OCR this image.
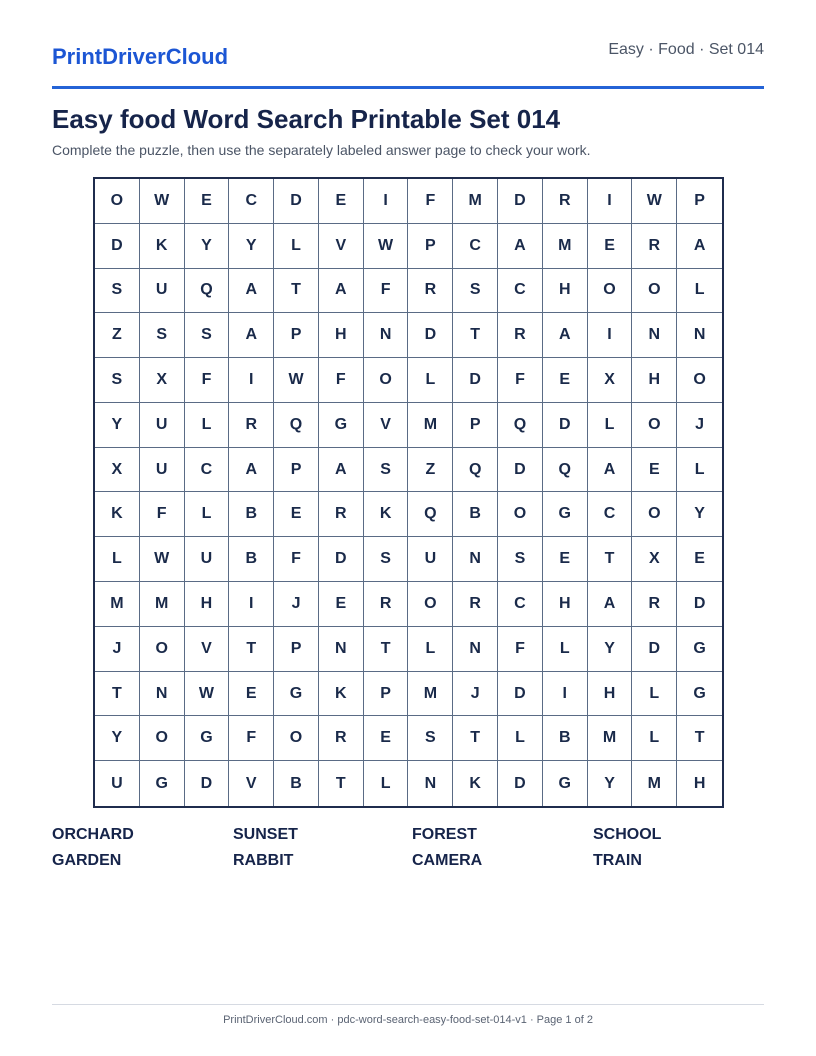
PrintDriverCloud	Easy · Food · Set 014
Easy food Word Search Printable Set 014
Complete the puzzle, then use the separately labeled answer page to check your work.
O	W	E	C	D	E	I	F	M	D	R	I	W	P
D	K	Y	Y	L	V	W	P	C	A	M	E	R	A
S	U	Q	A	T	A	F	R	S	C	H	O	O	L
Z	S	S	A	P	H	N	D	T	R	A	I	N	N
S	X	F	I	W	F	O	L	D	F	E	X	H	O
Y	U	L	R	Q	G	V	M	P	Q	D	L	O	J
X	U	C	A	P	A	S	Z	Q	D	Q	A	E	L
K	F	L	B	E	R	K	Q	B	O	G	C	O	Y
L	W	U	B	F	D	S	U	N	S	E	T	X	E
M	M	H	I	J	E	R	O	R	C	H	A	R	D
J	O	V	T	P	N	T	L	N	F	L	Y	D	G
T	N	W	E	G	K	P	M	J	D	I	H	L	G
Y	O	G	F	O	R	E	S	T	L	B	M	L	T
U	G	D	V	B	T	L	N	K	D	G	Y	M	H
ORCHARD	SUNSET	FOREST	SCHOOL
GARDEN	RABBIT	CAMERA	TRAIN
PrintDriverCloud.com · pdc-word-search-easy-food-set-014-v1 · Page 1 of 2
